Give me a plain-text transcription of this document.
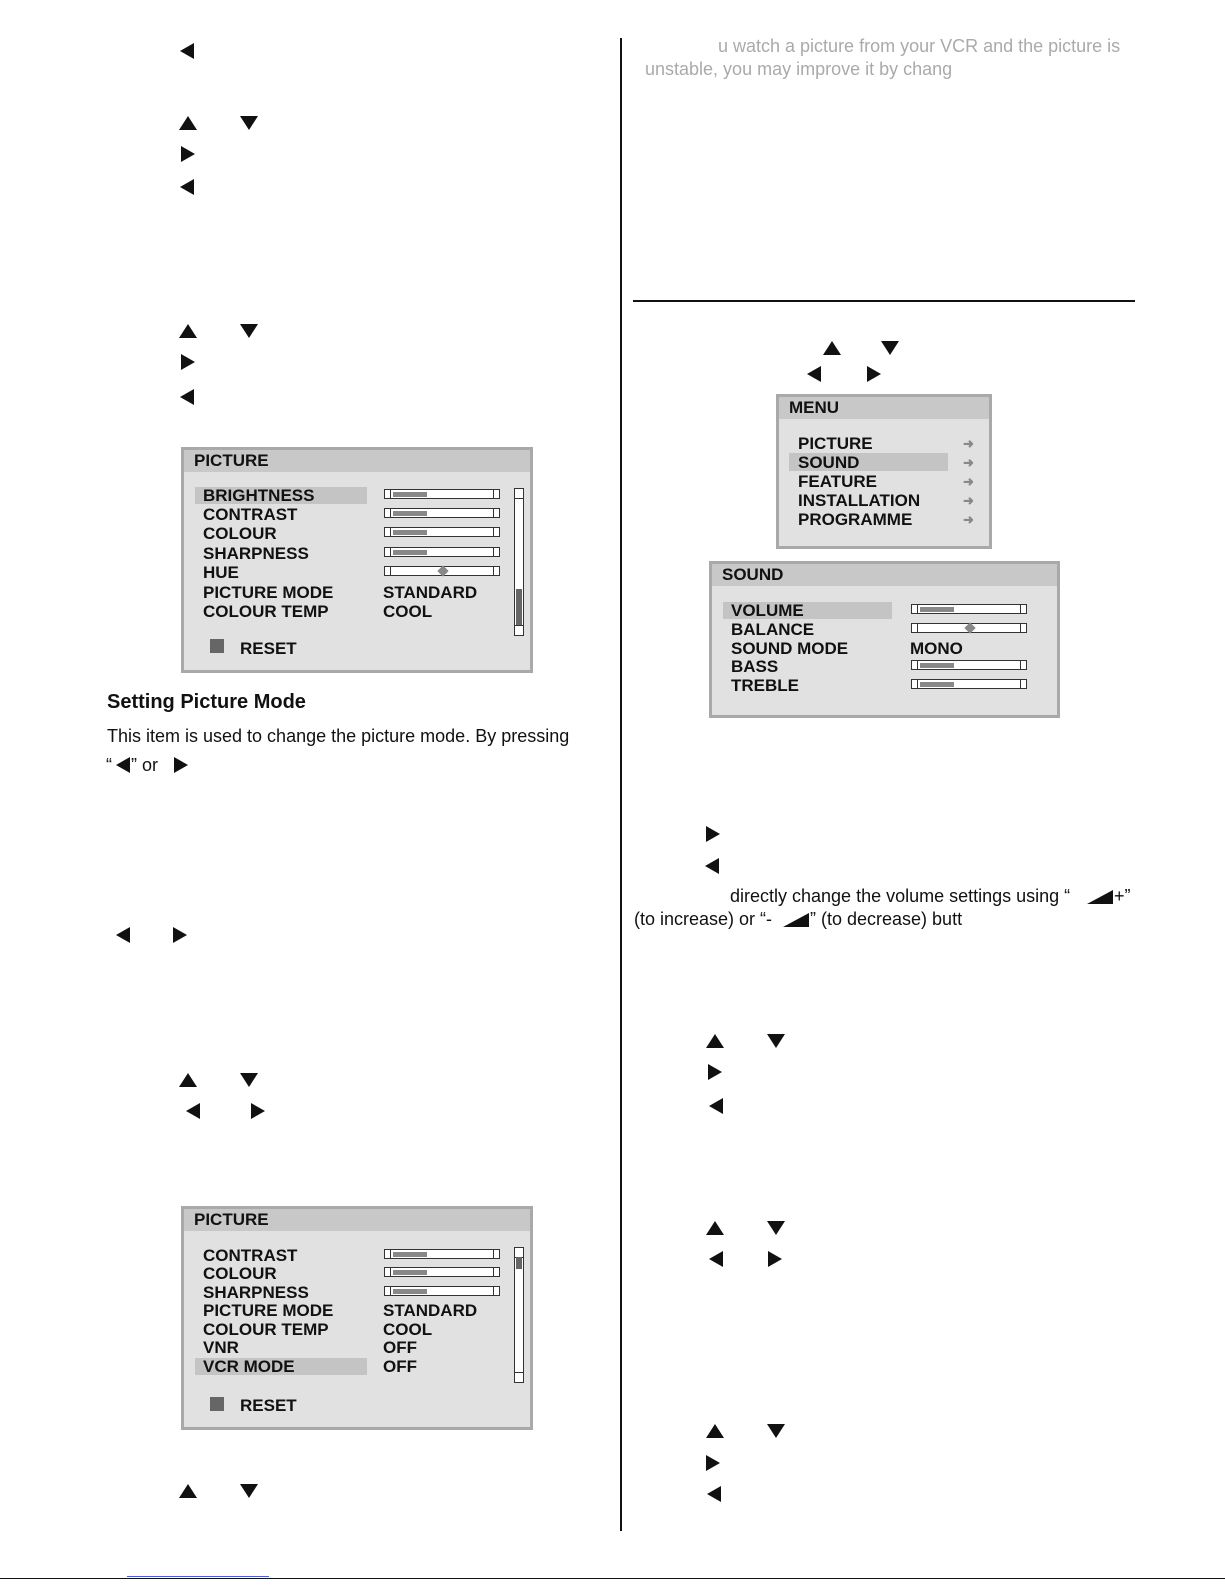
PICTURE
BRIGHTNESS
CONTRAST
COLOUR
SHARPNESS
HUE
PICTURE MODE
COLOUR TEMP
STANDARD
COOL
RESET
Setting Picture Mode
This item is used to change the picture mode. By pressing
“ ” or
PICTURE
CONTRAST
COLOUR
SHARPNESS
PICTURE MODE
COLOUR TEMP
VNR
VCR MODE
STANDARD
COOL
OFF
OFF
RESET
u watch a picture from your VCR and the picture is
unstable, you may improve it by chang
MENU
PICTURE
SOUND
FEATURE
INSTALLATION
PROGRAMME
➜
➜
➜
➜
➜
SOUND
VOLUME
BALANCE
SOUND MODE
BASS
TREBLE
MONO
directly change the volume settings using “ +”
(to increase) or “- ” (to decrease) butt
